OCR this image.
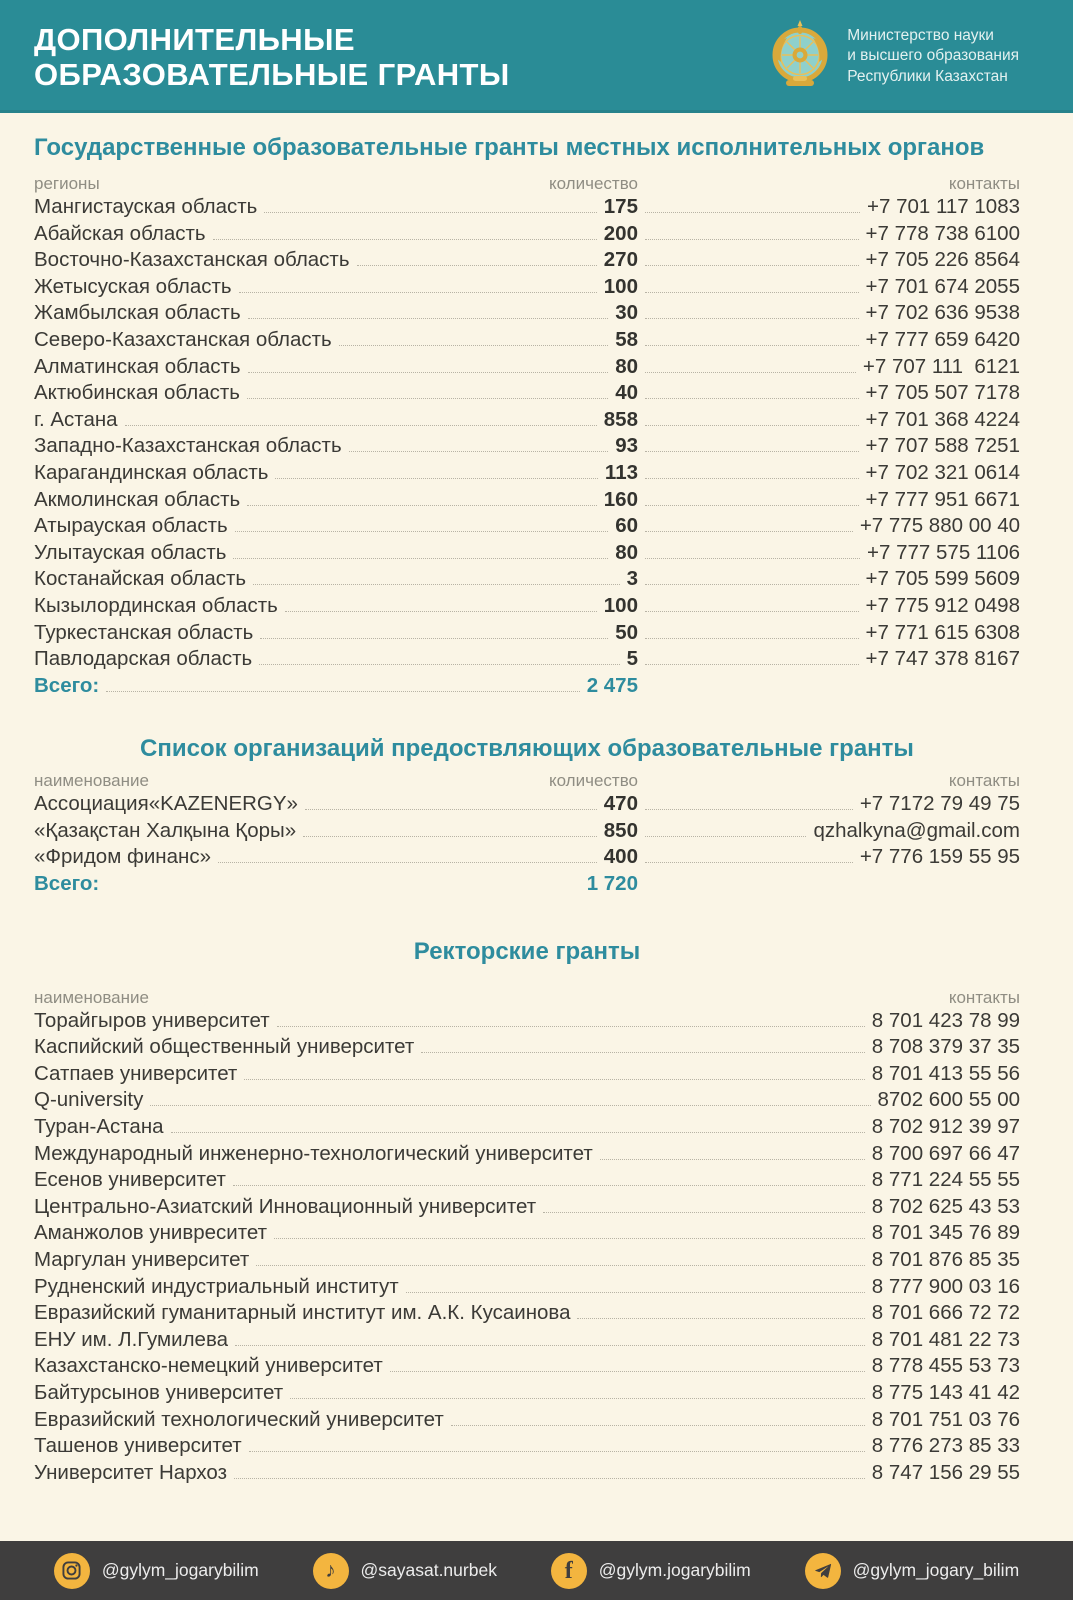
ДОПОЛНИТЕЛЬНЫЕ
ОБРАЗОВАТЕЛЬНЫЕ ГРАНТЫ
Министерство науки
и высшего образования
Республики Казахстан
Государственные образовательные гранты местных исполнительных органов
регионы	количество	контакты
Мангистауская область	175	+7 701 117 1083
Абайская область	200	+7 778 738 6100
Восточно-Казахстанская область	270	+7 705 226 8564
Жетысуская область	100	+7 701 674 2055
Жамбылская область	30	+7 702 636 9538
Северо-Казахстанская область	58	+7 777 659 6420
Алматинская область	80	+7 707 111  6121
Актюбинская область	40	+7 705 507 7178
г. Астана	858	+7 701 368 4224
Западно-Казахстанская область	93	+7 707 588 7251
Карагандинская область	113	+7 702 321 0614
Акмолинская область	160	+7 777 951 6671
Атырауская область	60	+7 775 880 00 40
Улытауская область	80	+7 777 575 1106
Костанайская область	3	+7 705 599 5609
Кызылординская область	100	+7 775 912 0498
Туркестанская область	50	+7 771 615 6308
Павлодарская область	5	+7 747 378 8167
Всего:	2 475
Список организаций предоствляющих образовательные гранты
наименование	количество	контакты
Ассоциация«KAZENERGY»	470	+7 7172 79 49 75
«Қазақстан Халқына Қоры»	850	qzhalkyna@gmail.com
«Фридом финанс»	400	+7 776 159 55 95
Всего:	1 720
Ректорские гранты
наименование	контакты
Торайгыров университет	8 701 423 78 99
Каспийский общественный университет	8 708 379 37 35
Сатпаев университет	8 701 413 55 56
Q-university	8702 600 55 00
Туран-Астана	8 702 912 39 97
Международный инженерно-технологический университет	8 700 697 66 47
Есенов университет	8 771 224 55 55
Центрально-Азиатский Инновационный университет	8 702 625 43 53
Аманжолов унивреситет	8 701 345 76 89
Маргулан университет	8 701 876 85 35
Рудненский индустриальный институт	8 777 900 03 16
Евразийский гуманитарный институт им. А.К. Кусаинова	8 701 666 72 72
ЕНУ им. Л.Гумилева	8 701 481 22 73
Казахстанско-немецкий университет	8 778 455 53 73
Байтурсынов университет	8 775 143 41 42
Евразийский технологический университет	8 701 751 03 76
Ташенов университет	8 776 273 85 33
Университет Нархоз	8 747 156 29 55
@gylym_jogarybilim	♪ @sayasat.nurbek	f @gylym.jogarybilim	@gylym_jogary_bilim
